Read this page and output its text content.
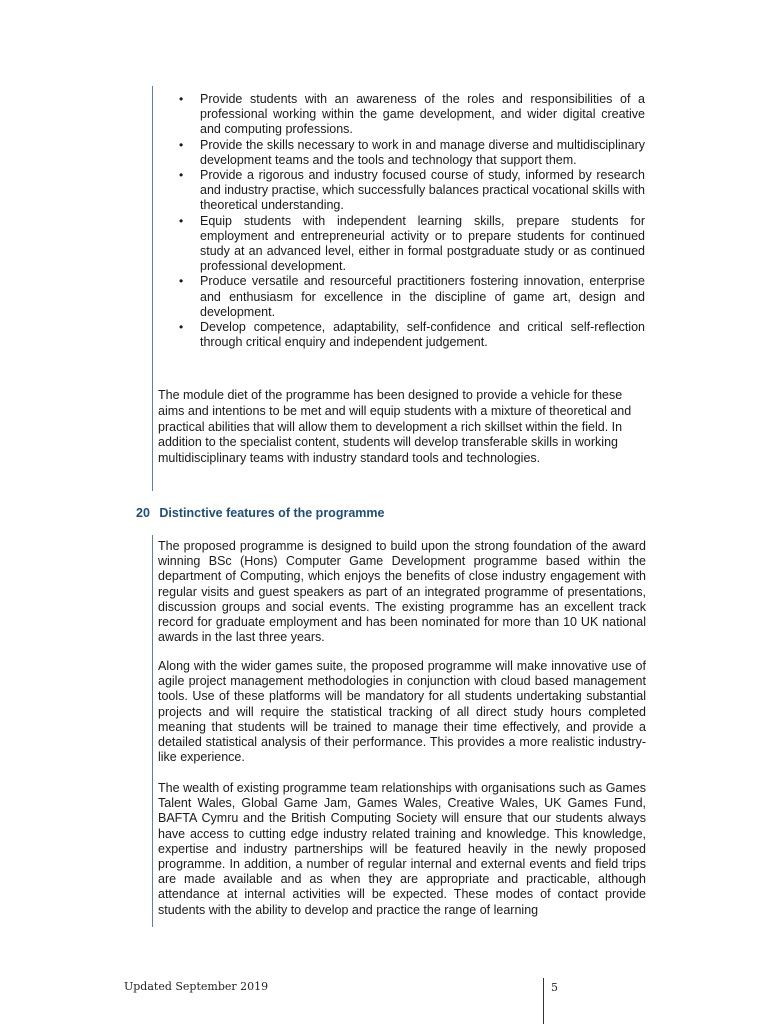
• Provide students with an awareness of the roles and responsibilities of a professional working within the game development, and wider digital creative and computing professions.
• Provide the skills necessary to work in and manage diverse and multidisciplinary development teams and the tools and technology that support them.
• Provide a rigorous and industry focused course of study, informed by research and industry practise, which successfully balances practical vocational skills with theoretical understanding.
• Equip students with independent learning skills, prepare students for employment and entrepreneurial activity or to prepare students for continued study at an advanced level, either in formal postgraduate study or as continued professional development.
• Produce versatile and resourceful practitioners fostering innovation, enterprise and enthusiasm for excellence in the discipline of game art, design and development.
• Develop competence, adaptability, self-confidence and critical self-reflection through critical enquiry and independent judgement.
The module diet of the programme has been designed to provide a vehicle for these aims and intentions to be met and will equip students with a mixture of theoretical and practical abilities that will allow them to development a rich skillset within the field. In addition to the specialist content, students will develop transferable skills in working multidisciplinary teams with industry standard tools and technologies.
20 Distinctive features of the programme
The proposed programme is designed to build upon the strong foundation of the award winning BSc (Hons) Computer Game Development programme based within the department of Computing, which enjoys the benefits of close industry engagement with regular visits and guest speakers as part of an integrated programme of presentations, discussion groups and social events. The existing programme has an excellent track record for graduate employment and has been nominated for more than 10 UK national awards in the last three years.
Along with the wider games suite, the proposed programme will make innovative use of agile project management methodologies in conjunction with cloud based management tools. Use of these platforms will be mandatory for all students undertaking substantial projects and will require the statistical tracking of all direct study hours completed meaning that students will be trained to manage their time effectively, and provide a detailed statistical analysis of their performance. This provides a more realistic industry-like experience.
The wealth of existing programme team relationships with organisations such as Games Talent Wales, Global Game Jam, Games Wales, Creative Wales, UK Games Fund, BAFTA Cymru and the British Computing Society will ensure that our students always have access to cutting edge industry related training and knowledge. This knowledge, expertise and industry partnerships will be featured heavily in the newly proposed programme. In addition, a number of regular internal and external events and field trips are made available and as when they are appropriate and practicable, although attendance at internal activities will be expected. These modes of contact provide students with the ability to develop and practice the range of learning
Updated September 2019	5
